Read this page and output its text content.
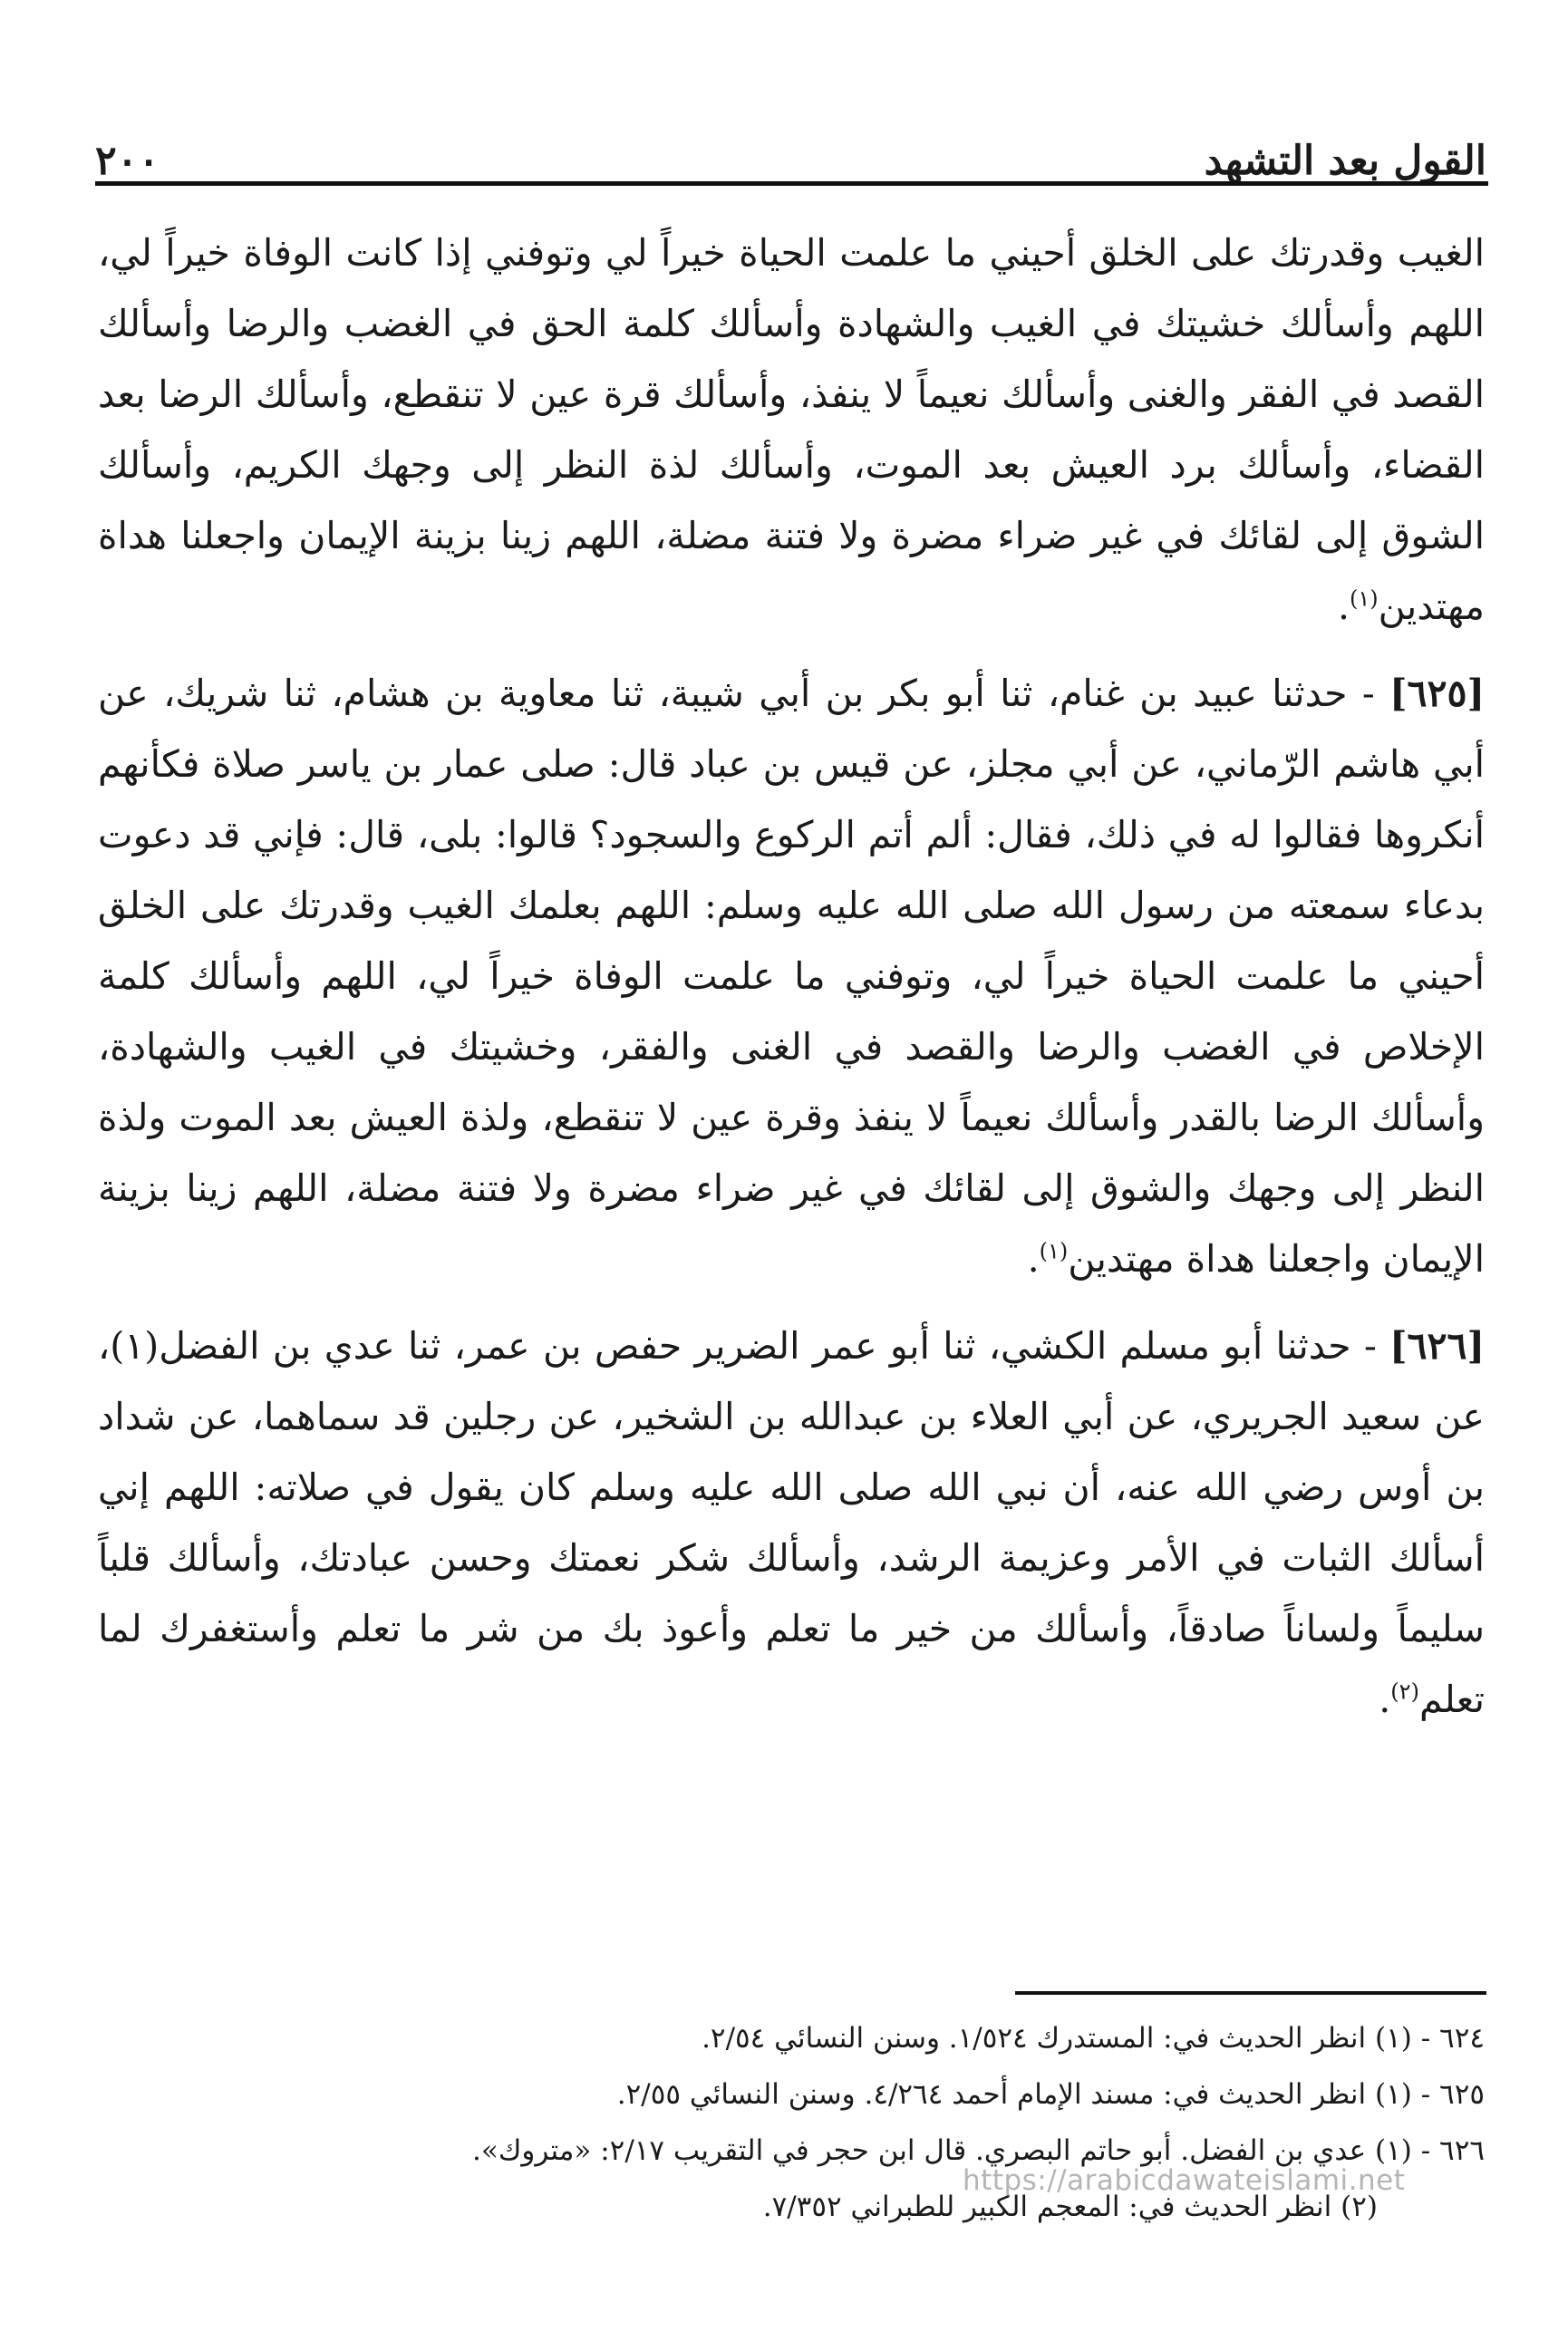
القول بعد التشهد
٢٠٠

الغيب وقدرتك على الخلق أحيني ما علمت الحياة خيراً لي وتوفني إذا كانت الوفاة خيراً لي، اللهم وأسألك خشيتك في الغيب والشهادة وأسألك كلمة الحق في الغضب والرضا وأسألك القصد في الفقر والغنى وأسألك نعيماً لا ينفذ، وأسألك قرة عين لا تنقطع، وأسألك الرضا بعد القضاء، وأسألك برد العيش بعد الموت، وأسألك لذة النظر إلى وجهك الكريم، وأسألك الشوق إلى لقائك في غير ضراء مضرة ولا فتنة مضلة، اللهم زينا بزينة الإيمان واجعلنا هداة مهتدين$^{(١)}$.

[٦٢٥] - حدثنا عبيد بن غنام، ثنا أبو بكر بن أبي شيبة، ثنا معاوية بن هشام، ثنا شريك، عن أبي هاشم الرّماني، عن أبي مجلز، عن قيس بن عباد قال: صلى عمار بن ياسر صلاة فكأنهم أنكروها فقالوا له في ذلك، فقال: ألم أتم الركوع والسجود؟ قالوا: بلى، قال: فإني قد دعوت بدعاء سمعته من رسول الله صلى الله عليه وسلم: اللهم بعلمك الغيب وقدرتك على الخلق أحيني ما علمت الحياة خيراً لي، وتوفني ما علمت الوفاة خيراً لي، اللهم وأسألك كلمة الإخلاص في الغضب والرضا والقصد في الغنى والفقر، وخشيتك في الغيب والشهادة، وأسألك الرضا بالقدر وأسألك نعيماً لا ينفذ وقرة عين لا تنقطع، ولذة العيش بعد الموت ولذة النظر إلى وجهك والشوق إلى لقائك في غير ضراء مضرة ولا فتنة مضلة، اللهم زينا بزينة الإيمان واجعلنا هداة مهتدين$^{(١)}$.

[٦٢٦] - حدثنا أبو مسلم الكشي، ثنا أبو عمر الضرير حفص بن عمر، ثنا عدي بن الفضل(١)، عن سعيد الجريري، عن أبي العلاء بن عبدالله بن الشخير، عن رجلين قد سماهما، عن شداد بن أوس رضي الله عنه، أن نبي الله صلى الله عليه وسلم كان يقول في صلاته: اللهم إني أسألك الثبات في الأمر وعزيمة الرشد، وأسألك شكر نعمتك وحسن عبادتك، وأسألك قلباً سليماً ولساناً صادقاً، وأسألك من خير ما تعلم وأعوذ بك من شر ما تعلم وأستغفرك لما تعلم$^{(٢)}$.

٦٢٤ - (١) انظر الحديث في: المستدرك ١/٥٢٤. وسنن النسائي ٢/٥٤.
٦٢٥ - (١) انظر الحديث في: مسند الإمام أحمد ٤/٢٦٤. وسنن النسائي ٢/٥٥.
٦٢٦ - (١) عدي بن الفضل. أبو حاتم البصري. قال ابن حجر في التقريب ٢/١٧: «متروك».
(٢) انظر الحديث في: المعجم الكبير للطبراني ٧/٣٥٢.
https://arabicdawateislami.net
